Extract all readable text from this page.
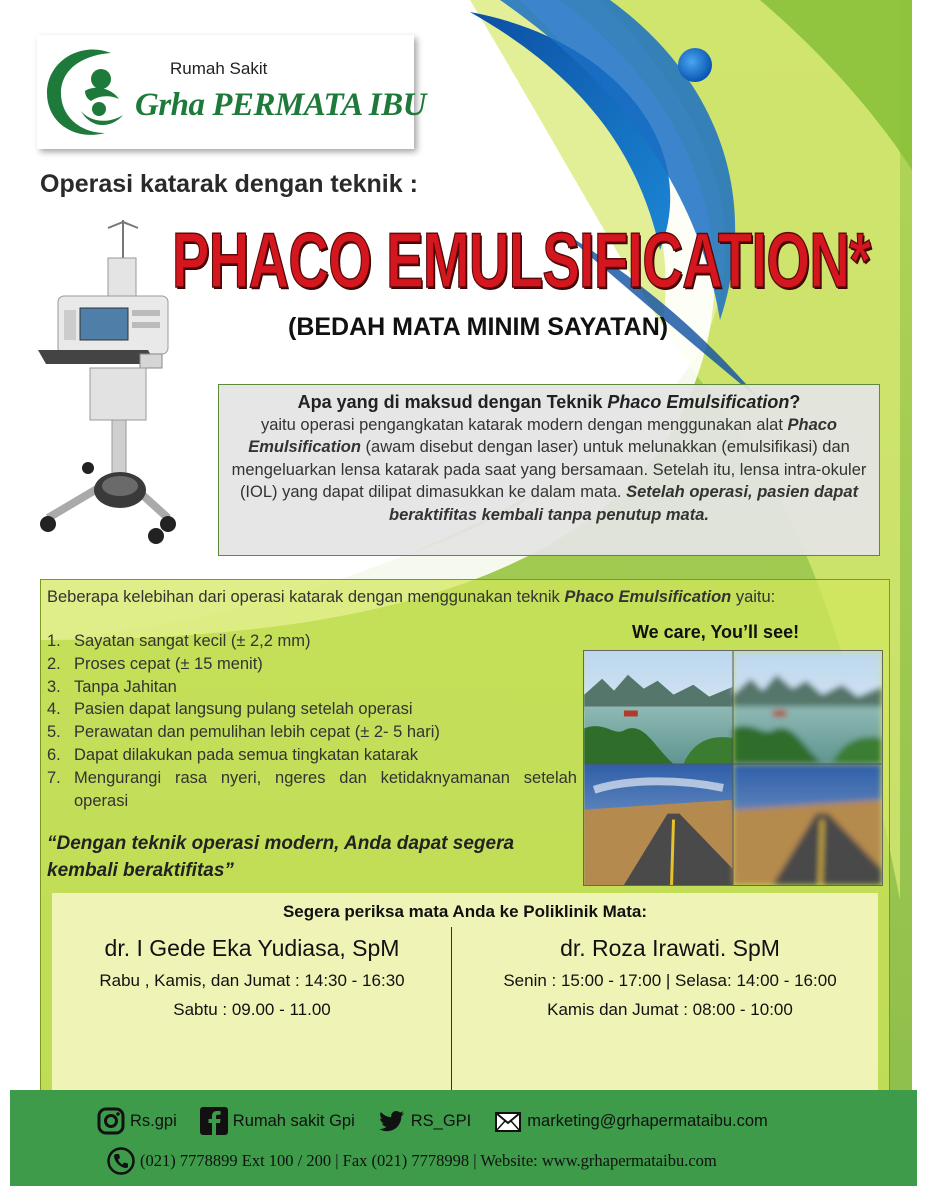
Rumah Sakit
Grha PERMATA IBU
Operasi katarak dengan teknik :
PHACO EMULSIFICATION*
(BEDAH MATA MINIM SAYATAN)
Apa yang di maksud dengan Teknik Phaco Emulsification?
yaitu operasi pengangkatan katarak modern dengan menggunakan alat Phaco Emulsification (awam disebut dengan laser) untuk melunakkan (emulsifikasi) dan mengeluarkan lensa katarak pada saat yang bersamaan. Setelah itu, lensa intra-okuler (IOL) yang dapat dilipat dimasukkan ke dalam mata. Setelah operasi, pasien dapat beraktifitas kembali tanpa penutup mata.
Beberapa kelebihan dari operasi katarak dengan menggunakan teknik Phaco Emulsification yaitu:
1. Sayatan sangat kecil (± 2,2 mm)
2. Proses cepat (± 15 menit)
3. Tanpa Jahitan
4. Pasien dapat langsung pulang setelah operasi
5. Perawatan dan pemulihan lebih cepat (± 2- 5 hari)
6. Dapat dilakukan pada semua tingkatan katarak
7. Mengurangi rasa nyeri, ngeres dan ketidaknyamanan setelah operasi
“Dengan teknik operasi modern, Anda dapat segera kembali beraktifitas”
We care, You’ll see!
Segera periksa mata Anda ke Poliklinik Mata:
dr. I Gede Eka Yudiasa, SpM
Rabu , Kamis, dan Jumat : 14:30 - 16:30
Sabtu : 09.00 - 11.00
dr. Roza Irawati. SpM
Senin : 15:00 - 17:00 | Selasa: 14:00 - 16:00
Kamis dan Jumat : 08:00 - 10:00
Rs.gpi	Rumah sakit Gpi	RS_GPI	marketing@grhapermataibu.com
(021) 7778899 Ext 100 / 200 | Fax (021) 7778998 | Website: www.grhapermataibu.com
